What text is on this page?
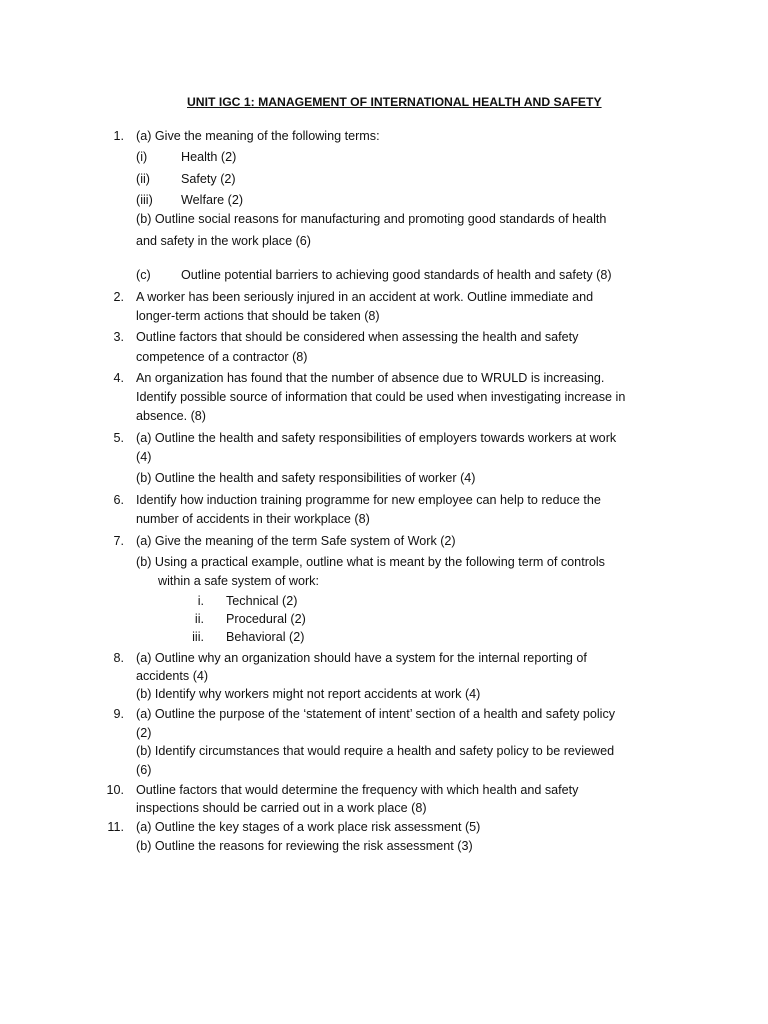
UNIT IGC 1: MANAGEMENT OF INTERNATIONAL HEALTH AND SAFETY
1. (a) Give the meaning of the following terms:
(i)	Health (2)
(ii) Safety (2)
(iii) Welfare (2)
(b) Outline social reasons for manufacturing and promoting good standards of health
and safety in the work place (6)
(c) Outline potential barriers to achieving good standards of health and safety (8)
2. A worker has been seriously injured in an accident at work. Outline immediate and
longer-term actions that should be taken (8)
3. Outline factors that should be considered when assessing the health and safety
competence of a contractor (8)
4. An organization has found that the number of absence due to WRULD is increasing.
Identify possible source of information that could be used when investigating increase in
absence. (8)
5. (a) Outline the health and safety responsibilities of employers towards workers at work
(4)
(b) Outline the health and safety responsibilities of worker (4)
6. Identify how induction training programme for new employee can help to reduce the
number of accidents in their workplace (8)
7. (a) Give the meaning of the term Safe system of Work (2)
(b) Using a practical example, outline what is meant by the following term of controls
within a safe system of work:
i. Technical (2)
ii. Procedural (2)
iii. Behavioral (2)
8. (a) Outline why an organization should have a system for the internal reporting of
accidents (4)
(b) Identify why workers might not report accidents at work (4)
9. (a) Outline the purpose of the ‘statement of intent’ section of a health and safety policy
(2)
(b) Identify circumstances that would require a health and safety policy to be reviewed
(6)
10. Outline factors that would determine the frequency with which health and safety
inspections should be carried out in a work place (8)
11. (a) Outline the key stages of a work place risk assessment (5)
(b) Outline the reasons for reviewing the risk assessment (3)
